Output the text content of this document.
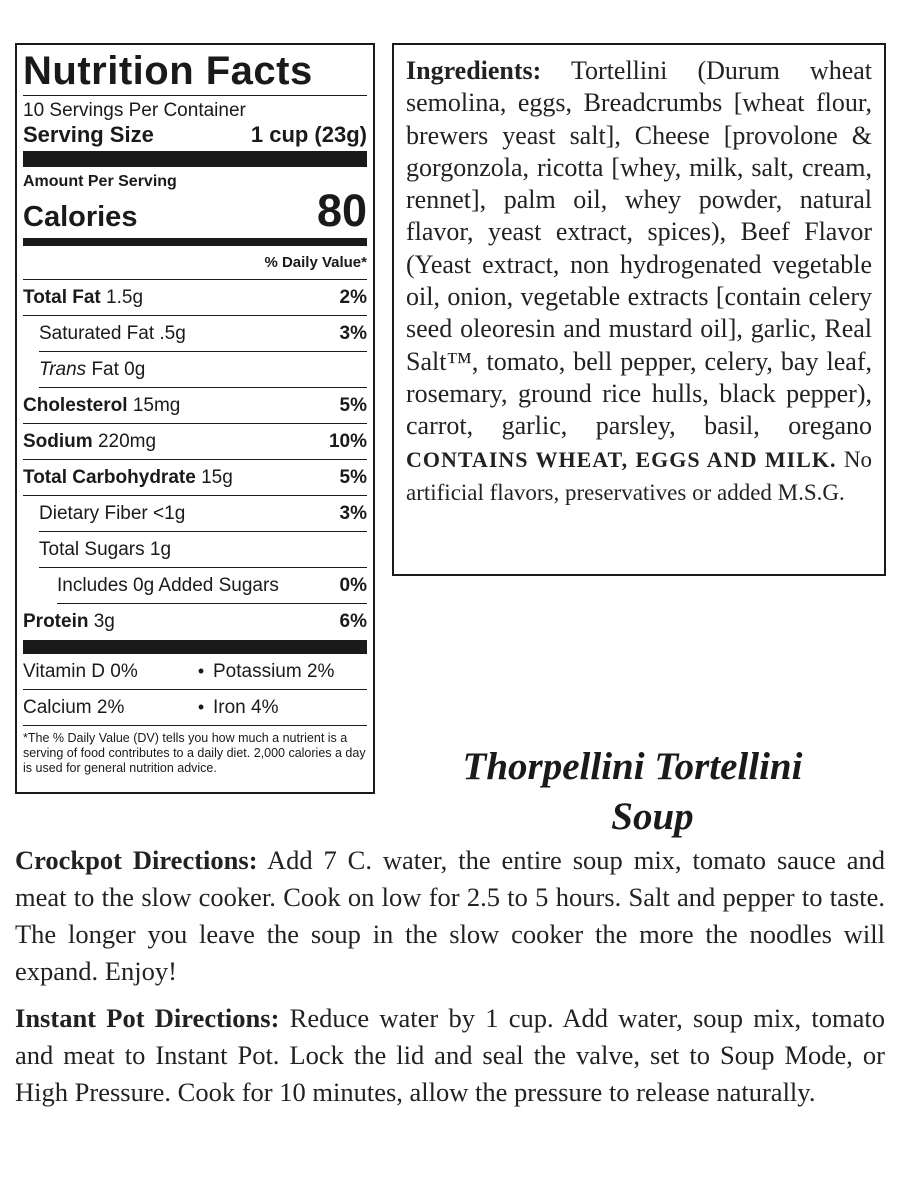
Nutrition Facts
10 Servings Per Container
Serving Size	1 cup (23g)
Amount Per Serving
Calories	80
% Daily Value*
Total Fat 1.5g	2%
Saturated Fat .5g	3%
Trans Fat 0g
Cholesterol 15mg	5%
Sodium 220mg	10%
Total Carbohydrate 15g	5%
Dietary Fiber <1g	3%
Total Sugars 1g
Includes 0g Added Sugars	0%
Protein 3g	6%
Vitamin D 0%	• Potassium 2%
Calcium 2%	• Iron 4%
*The % Daily Value (DV) tells you how much a nutrient is a serving of food contributes to a daily diet. 2,000 calories a day is used for general nutrition advice.
Ingredients: Tortellini (Durum wheat semolina, eggs, Breadcrumbs [wheat flour, brewers yeast salt], Cheese [provolone & gorgonzola, ricotta [whey, milk, salt, cream, rennet], palm oil, whey powder, natural flavor, yeast extract, spices), Beef Flavor (Yeast extract, non hydrogenated vegetable oil, onion, vegetable extracts [contain celery seed oleoresin and mustard oil], garlic, Real Salt™, tomato, bell pepper, celery, bay leaf, rosemary, ground rice hulls, black pepper), carrot, garlic, parsley, basil, oregano CONTAINS WHEAT, EGGS AND MILK. No artificial flavors, preservatives or added M.S.G.
Thorpellini Tortellini
Soup
Crockpot Directions: Add 7 C. water, the entire soup mix, tomato sauce and meat to the slow cooker. Cook on low for 2.5 to 5 hours. Salt and pepper to taste. The longer you leave the soup in the slow cooker the more the noodles will expand. Enjoy!
Instant Pot Directions: Reduce water by 1 cup. Add water, soup mix, tomato and meat to Instant Pot. Lock the lid and seal the valve, set to Soup Mode, or High Pressure. Cook for 10 minutes, allow the pressure to release naturally.
